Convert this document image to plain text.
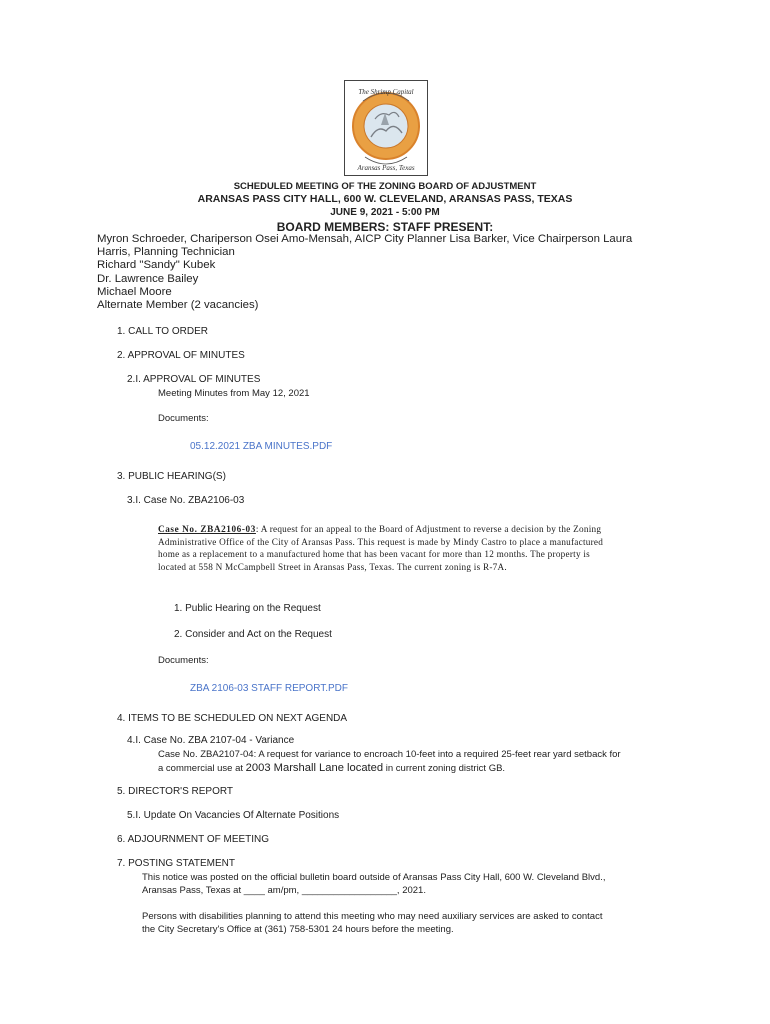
The Shrimp Capital
Aransas Pass, Texas
SCHEDULED MEETING OF THE ZONING BOARD OF ADJUSTMENT
ARANSAS PASS CITY HALL, 600 W. CLEVELAND, ARANSAS PASS, TEXAS
JUNE 9, 2021 - 5:00 PM
BOARD MEMBERS: STAFF PRESENT:
Myron Schroeder, Chariperson Osei Amo-Mensah, AICP City Planner Lisa Barker, Vice Chairperson Laura
Harris, Planning Technician
Richard "Sandy" Kubek
Dr. Lawrence Bailey
Michael Moore
Alternate Member (2 vacancies)
1. CALL TO ORDER
2. APPROVAL OF MINUTES
2.I. APPROVAL OF MINUTES
Meeting Minutes from May 12, 2021
Documents:
05.12.2021 ZBA MINUTES.PDF
3. PUBLIC HEARING(S)
3.I. Case No. ZBA2106-03
Case No. ZBA2106-03: A request for an appeal to the Board of Adjustment to reverse a decision by the Zoning
Administrative Office of the City of Aransas Pass. This request is made by Mindy Castro to place a manufactured
home as a replacement to a manufactured home that has been vacant for more than 12 months. The property is
located at 558 N McCampbell Street in Aransas Pass, Texas. The current zoning is R-7A.
1. Public Hearing on the Request
2. Consider and Act on the Request
Documents:
ZBA 2106-03 STAFF REPORT.PDF
4. ITEMS TO BE SCHEDULED ON NEXT AGENDA
4.I. Case No. ZBA 2107-04 - Variance
Case No. ZBA2107-04: A request for variance to encroach 10-feet into a required 25-feet rear yard setback for
a commercial use at 2003 Marshall Lane located in current zoning district GB.
5. DIRECTOR'S REPORT
5.I. Update On Vacancies Of Alternate Positions
6. ADJOURNMENT OF MEETING
7. POSTING STATEMENT
This notice was posted on the official bulletin board outside of Aransas Pass City Hall, 600 W. Cleveland Blvd.,
Aransas Pass, Texas at ____ am/pm, __________________, 2021.
Persons with disabilities planning to attend this meeting who may need auxiliary services are asked to contact
the City Secretary's Office at (361) 758-5301 24 hours before the meeting.
